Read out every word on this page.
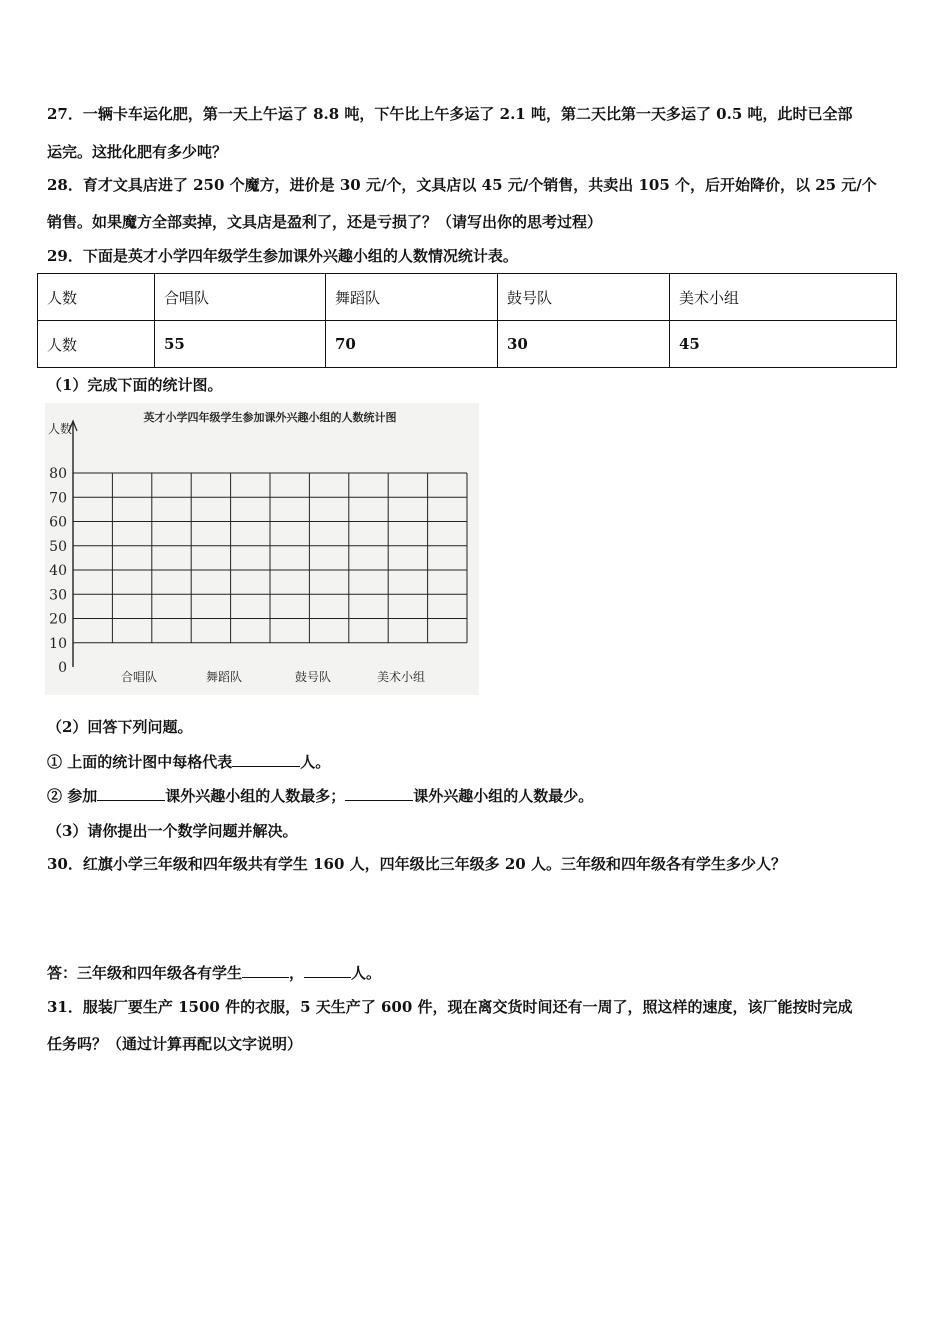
27．一辆卡车运化肥，第一天上午运了 8.8 吨，下午比上午多运了 2.1 吨，第二天比第一天多运了 0.5 吨，此时已全部
运完。这批化肥有多少吨？
28．育才文具店进了 250 个魔方，进价是 30 元/个，文具店以 45 元/个销售，共卖出 105 个，后开始降价，以 25 元/个
销售。如果魔方全部卖掉，文具店是盈利了，还是亏损了？（请写出你的思考过程）
29．下面是英才小学四年级学生参加课外兴趣小组的人数情况统计表。
人数	合唱队	舞蹈队	鼓号队	美术小组
人数	55	70	30	45
（1）完成下面的统计图。
英才小学四年级学生参加课外兴趣小组的人数统计图
人数
0
10
20
30
40
50
60
70
80
合唱队	舞蹈队	鼓号队	美术小组
（2）回答下列问题。
① 上面的统计图中每格代表	人。
② 参加	课外兴趣小组的人数最多；	课外兴趣小组的人数最少。
（3）请你提出一个数学问题并解决。
30．红旗小学三年级和四年级共有学生 160 人，四年级比三年级多 20 人。三年级和四年级各有学生多少人？
答：三年级和四年级各有学生	，	人。
31．服装厂要生产 1500 件的衣服，5 天生产了 600 件，现在离交货时间还有一周了，照这样的速度，该厂能按时完成
任务吗？（通过计算再配以文字说明）
